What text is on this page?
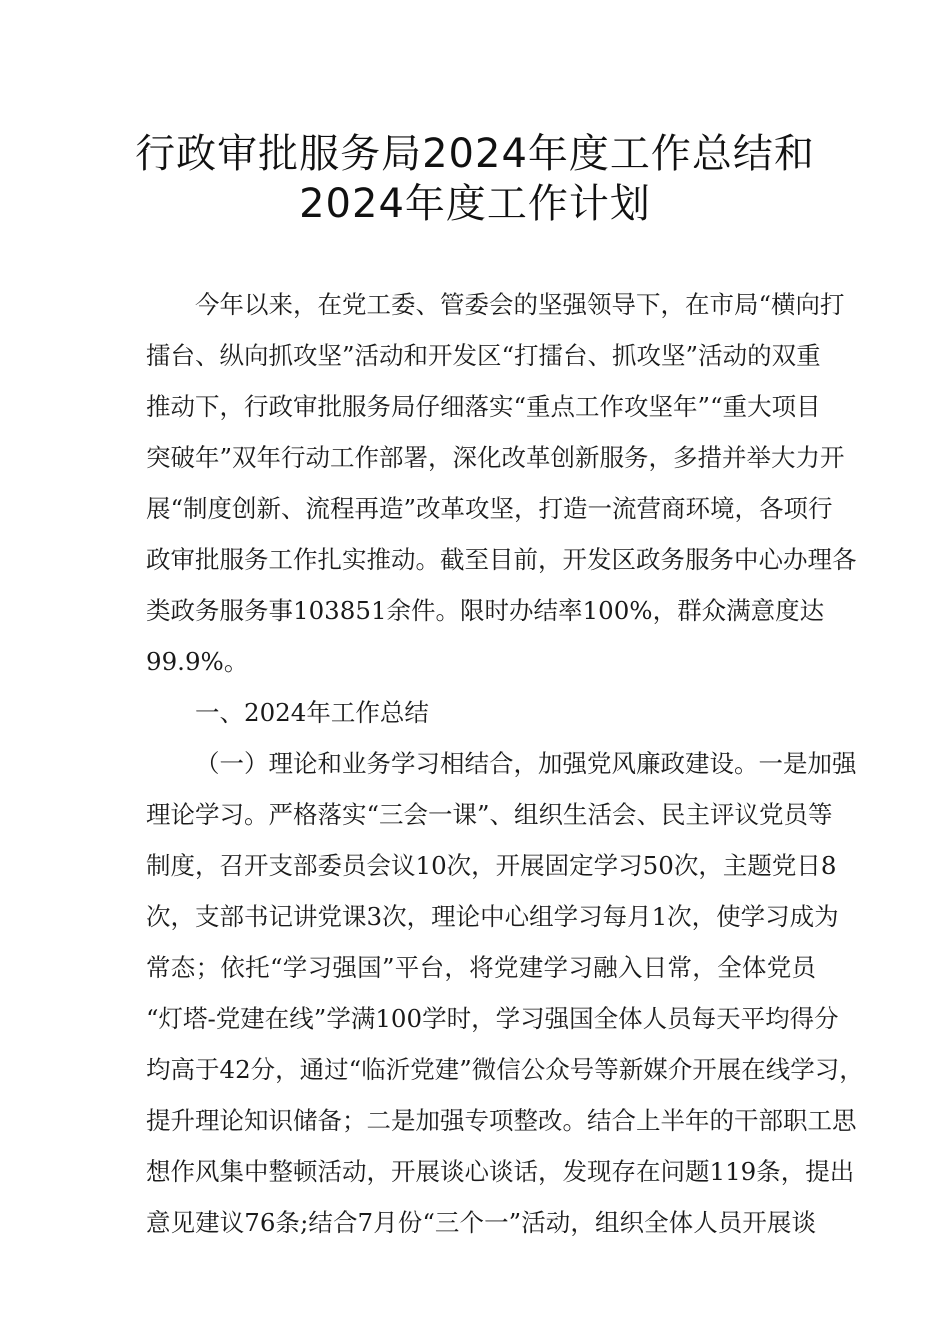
行政审批服务局2024年度工作总结和
2024年度工作计划
今年以来，在党工委、管委会的坚强领导下，在市局“横向打
擂台、纵向抓攻坚”活动和开发区“打擂台、抓攻坚”活动的双重
推动下，行政审批服务局仔细落实“重点工作攻坚年”“重大项目
突破年”双年行动工作部署，深化改革创新服务，多措并举大力开
展“制度创新、流程再造”改革攻坚，打造一流营商环境，各项行
政审批服务工作扎实推动。截至目前，开发区政务服务中心办理各
类政务服务事103851余件。限时办结率100%，群众满意度达
99.9%。
一、2024年工作总结
（一）理论和业务学习相结合，加强党风廉政建设。一是加强
理论学习。严格落实“三会一课”、组织生活会、民主评议党员等
制度，召开支部委员会议10次，开展固定学习50次，主题党日8
次，支部书记讲党课3次，理论中心组学习每月1次，使学习成为
常态；依托“学习强国”平台，将党建学习融入日常，全体党员
“灯塔-党建在线”学满100学时，学习强国全体人员每天平均得分
均高于42分，通过“临沂党建”微信公众号等新媒介开展在线学习，
提升理论知识储备；二是加强专项整改。结合上半年的干部职工思
想作风集中整顿活动，开展谈心谈话，发现存在问题119条，提出
意见建议76条;结合7月份“三个一”活动，组织全体人员开展谈
